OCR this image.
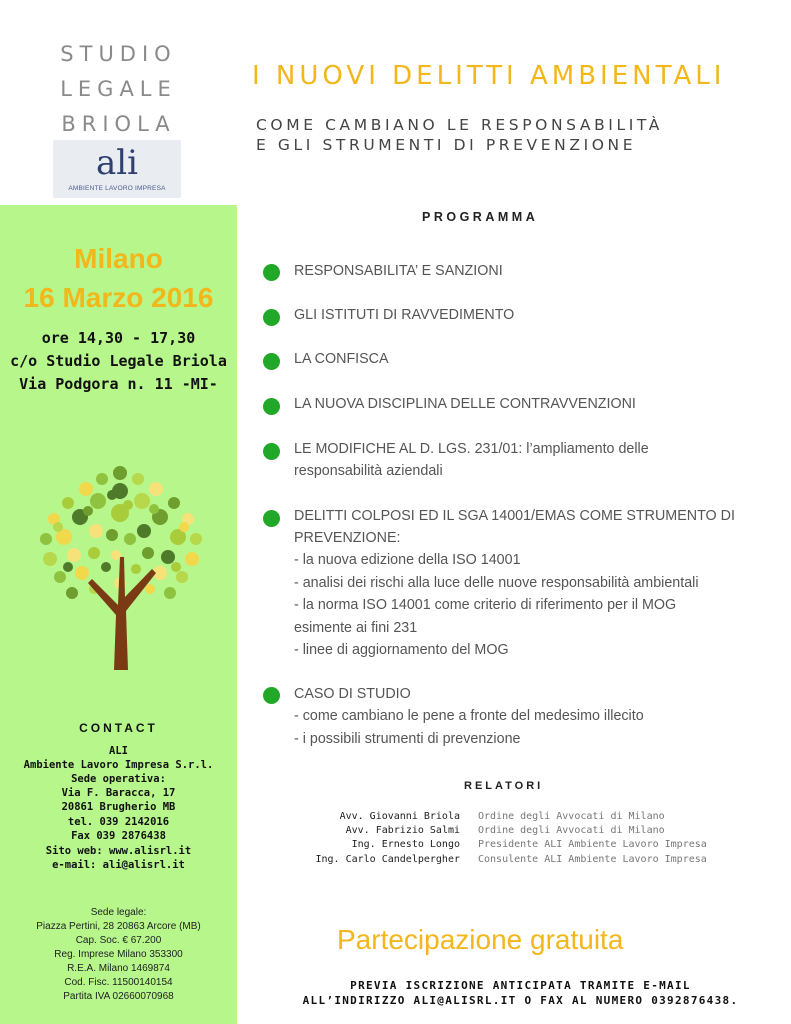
STUDIO
LEGALE
BRIOLA
ali
AMBIENTE LAVORO IMPRESA
Milano
16 Marzo 2016
ore 14,30 - 17,30
c/o Studio Legale Briola
Via Podgora n. 11 -MI-
CONTACT
ALI
Ambiente Lavoro Impresa S.r.l.
Sede operativa:
Via F. Baracca, 17
20861 Brugherio MB
tel. 039 2142016
Fax 039 2876438
Sito web: www.alisrl.it
e-mail: ali@alisrl.it
Sede legale:
Piazza Pertini, 28 20863 Arcore (MB)
Cap. Soc. € 67.200
Reg. Imprese Milano 353300
R.E.A. Milano 1469874
Cod. Fisc. 11500140154
Partita IVA 02660070968
I NUOVI DELITTI AMBIENTALI
COME CAMBIANO LE RESPONSABILITÀ
E GLI STRUMENTI DI PREVENZIONE
PROGRAMMA
RESPONSABILITA’ E SANZIONI
GLI ISTITUTI DI RAVVEDIMENTO
LA CONFISCA
LA NUOVA DISCIPLINA DELLE CONTRAVVENZIONI
LE MODIFICHE AL D. LGS. 231/01: l’ampliamento delle
responsabilità aziendali
DELITTI COLPOSI ED IL SGA 14001/EMAS COME STRUMENTO DI
PREVENZIONE:
- la nuova edizione della ISO 14001
- analisi dei rischi alla luce delle nuove responsabilità ambientali
- la norma ISO 14001 come criterio di riferimento per il MOG
esimente ai fini 231
- linee di aggiornamento del MOG
CASO DI STUDIO
- come cambiano le pene a fronte del medesimo illecito
- i possibili strumenti di prevenzione
RELATORI
Avv. Giovanni Briola Ordine degli Avvocati di Milano
Avv. Fabrizio Salmi Ordine degli Avvocati di Milano
Ing. Ernesto Longo Presidente ALI Ambiente Lavoro Impresa
Ing. Carlo Candelpergher Consulente ALI Ambiente Lavoro Impresa
Partecipazione gratuita
PREVIA ISCRIZIONE ANTICIPATA TRAMITE E-MAIL
ALL’INDIRIZZO ALI@ALISRL.IT O FAX AL NUMERO 0392876438.
